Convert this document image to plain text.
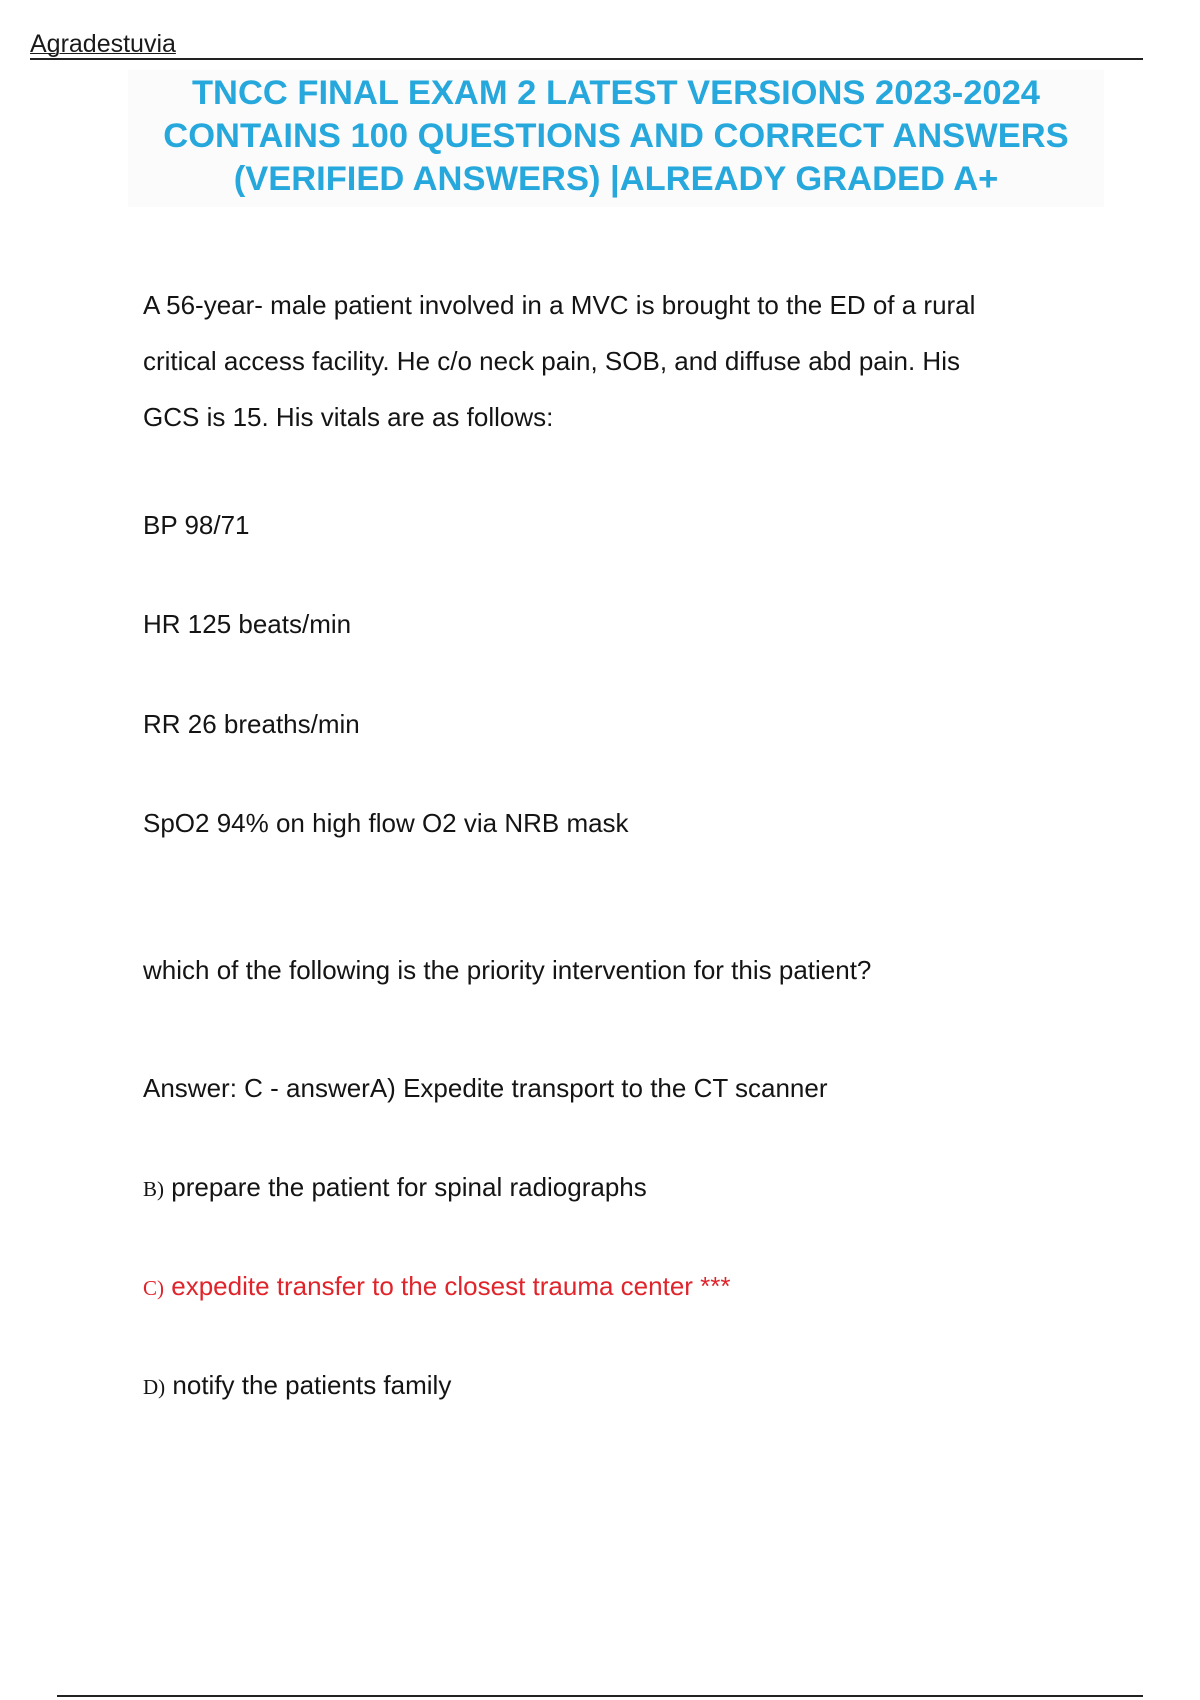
Agradestuvia
TNCC FINAL EXAM 2 LATEST VERSIONS 2023-2024
CONTAINS 100 QUESTIONS AND CORRECT ANSWERS
(VERIFIED ANSWERS) |ALREADY GRADED A+
A 56-year- male patient involved in a MVC is brought to the ED of a rural
critical access facility. He c/o neck pain, SOB, and diffuse abd pain. His
GCS is 15. His vitals are as follows:
BP 98/71
HR 125 beats/min
RR 26 breaths/min
SpO2 94% on high flow O2 via NRB mask
which of the following is the priority intervention for this patient?
Answer: C - answerA) Expedite transport to the CT scanner
B) prepare the patient for spinal radiographs
C) expedite transfer to the closest trauma center ***
D) notify the patients family
